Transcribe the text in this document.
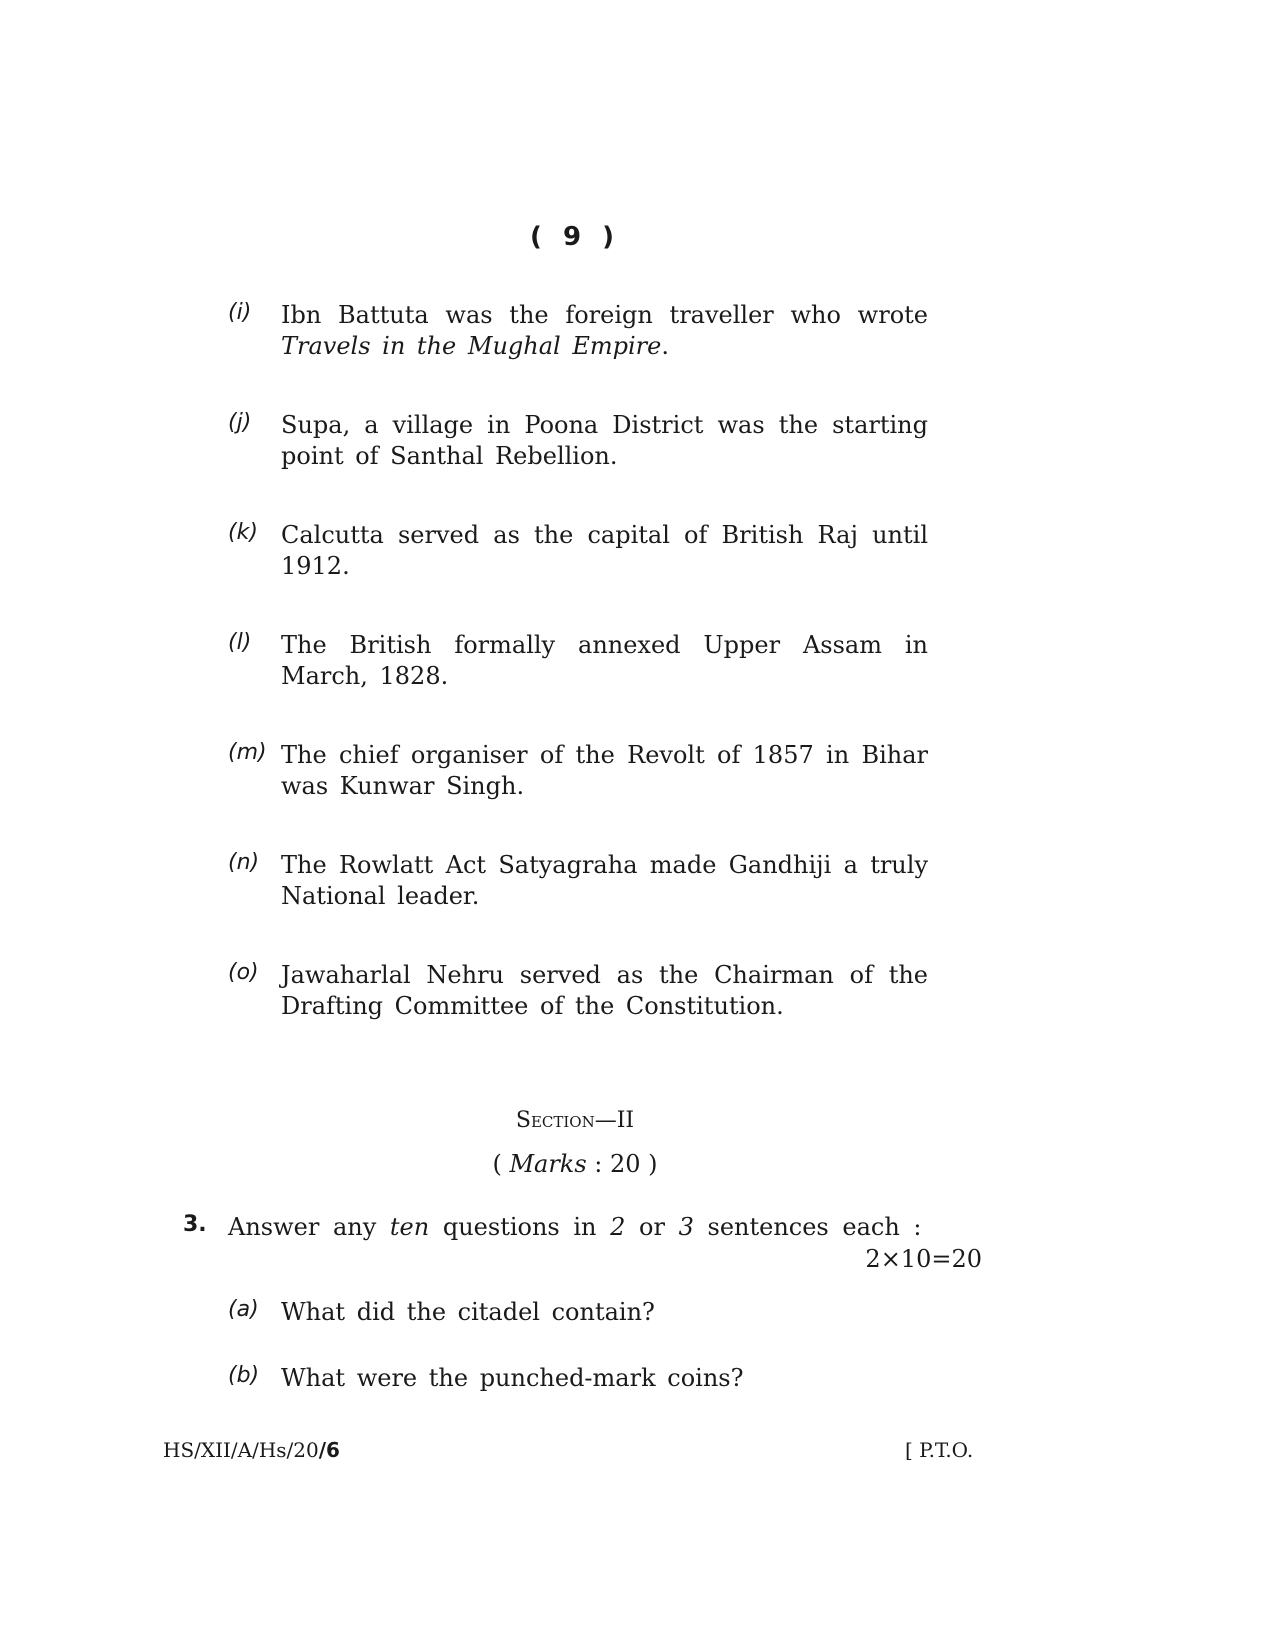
( 9 )
(i) Ibn Battuta was the foreign traveller who wrote Travels in the Mughal Empire.
(j) Supa, a village in Poona District was the starting point of Santhal Rebellion.
(k) Calcutta served as the capital of British Raj until 1912.
(l) The British formally annexed Upper Assam in March, 1828.
(m) The chief organiser of the Revolt of 1857 in Bihar was Kunwar Singh.
(n) The Rowlatt Act Satyagraha made Gandhiji a truly National leader.
(o) Jawaharlal Nehru served as the Chairman of the Drafting Committee of the Constitution.
Section—II
( Marks : 20 )
3. Answer any ten questions in 2 or 3 sentences each :
2×10=20
(a) What did the citadel contain?
(b) What were the punched-mark coins?
HS/XII/A/Hs/20/6	[ P.T.O.
